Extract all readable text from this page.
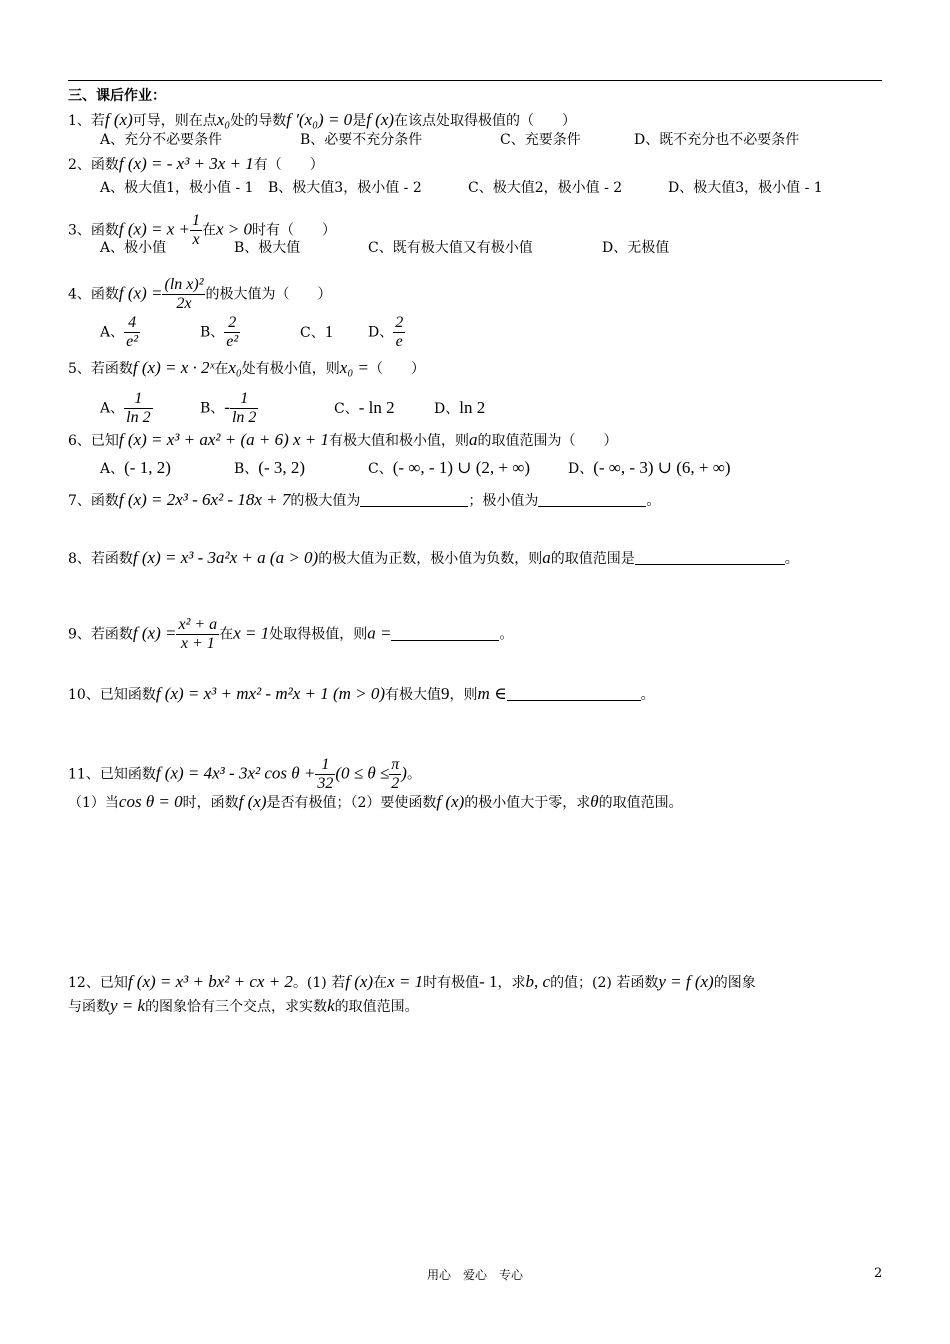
三、课后作业：
1、若f (x)可导，则在点x₀处的导数f ′(x₀) = 0是f (x)在该点处取得极值的（　　）
A、充分不必要条件	B、必要不充分条件	C、充要条件	D、既不充分也不必要条件
2、函数f (x) = - x³ + 3x + 1有（　　）
A、极大值1，极小值 - 1 B、极大值3，极小值 - 2	C、极大值2，极小值 - 2	D、极大值3，极小值 - 1
3、函数f $(x) = x + \frac{1}{x}$ 在x > 0时有（　　）
A、极小值	B、极大值	C、既有极大值又有极小值	D、无极值
4、函数f $(x) = \frac{\text{(ln x)²}}{2x}$ 的极大值为（　　）
A、 $\frac{4}{\text{e²}}$	B、 $\frac{2}{\text{e²}}$	C、1 D、 $\frac{2}{e}$
5、若函数f (x) = x · 2ˣ在x₀处有极小值，则x₀ =（　　）
A、 $\frac{1}{\ln 2}$	B、- $\frac{1}{\ln 2}$	C、- ln 2	D、ln 2
6、已知f (x) = x³ + ax² + (a + 6) x + 1有极大值和极小值，则a的取值范围为（　　）
A、(- 1, 2)	B、(- 3, 2)	C、(- ∞, - 1) ∪ (2, + ∞)	D、(- ∞, - 3) ∪ (6, + ∞)
7、函数f (x) = 2x³ - 6x² - 18x + 7的极大值为	；极小值为	。
8、若函数f (x) = x³ - 3a²x + a (a > 0)的极大值为正数，极小值为负数，则a的取值范围是	。
9、若函数f $(x) = \frac{\text{x² + a}}{x + 1}$ 在x = 1处取得极值，则a =	。
10、已知函数f (x) = x³ + mx² - m²x + 1 (m > 0)有极大值9，则m ∈	。
11、已知函数f (x) = 4x³ - 3x² $\cos \theta + \frac{1}{32} (0 \le \theta \le \frac{\pi}{2}$ )。
（1）当cos θ = 0时，函数f (x)是否有极值；（2）要使函数f (x)的极小值大于零，求θ的取值范围。
12、已知f (x) = x³ + bx² + cx + 2。(1) 若f (x)在x = 1时有极值- 1，求b, c的值；(2) 若函数y = f (x)的图象
与函数y = k的图象恰有三个交点，求实数k的取值范围。
用心　爱心　专心	2
